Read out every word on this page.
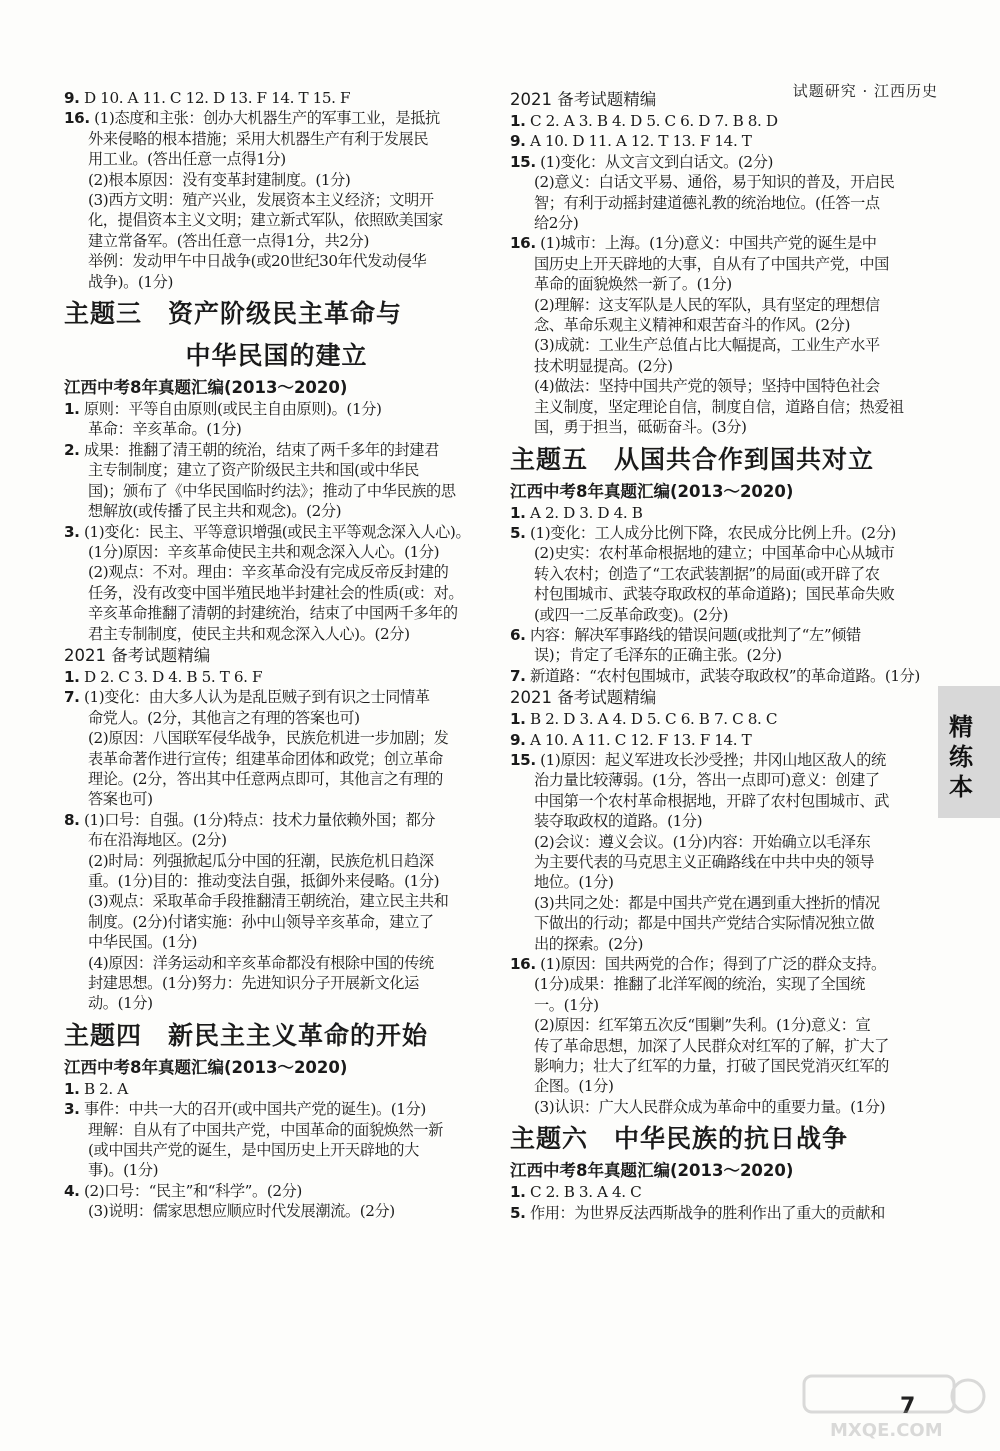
试题研究 · 江西历史
9. D 10. A 11. C 12. D 13. F 14. T 15. F
16. (1)态度和主张：创办大机器生产的军事工业，是抵抗
外来侵略的根本措施；采用大机器生产有利于发展民
用工业。(答出任意一点得1分)
(2)根本原因：没有变革封建制度。(1分)
(3)西方文明：殖产兴业，发展资本主义经济；文明开
化，提倡资本主义文明；建立新式军队，依照欧美国家
建立常备军。(答出任意一点得1分，共2分)
举例：发动甲午中日战争(或20世纪30年代发动侵华
战争)。(1分)
主题三　资产阶级民主革命与
中华民国的建立
江西中考8年真题汇编(2013～2020)
1. 原则：平等自由原则(或民主自由原则)。(1分)
革命：辛亥革命。(1分)
2. 成果：推翻了清王朝的统治，结束了两千多年的封建君
主专制制度；建立了资产阶级民主共和国(或中华民
国)；颁布了《中华民国临时约法》；推动了中华民族的思
想解放(或传播了民主共和观念)。(2分)
3. (1)变化：民主、平等意识增强(或民主平等观念深入人心)。
(1分)原因：辛亥革命使民主共和观念深入人心。(1分)
(2)观点：不对。理由：辛亥革命没有完成反帝反封建的
任务，没有改变中国半殖民地半封建社会的性质(或：对。
辛亥革命推翻了清朝的封建统治，结束了中国两千多年的
君主专制制度，使民主共和观念深入人心)。(2分)
2021 备考试题精编
1. D 2. C 3. D 4. B 5. T 6. F
7. (1)变化：由大多人认为是乱臣贼子到有识之士同情革
命党人。(2分，其他言之有理的答案也可)
(2)原因：八国联军侵华战争，民族危机进一步加剧；发
表革命著作进行宣传；组建革命团体和政党；创立革命
理论。(2分，答出其中任意两点即可，其他言之有理的
答案也可)
8. (1)口号：自强。(1分)特点：技术力量依赖外国；都分
布在沿海地区。(2分)
(2)时局：列强掀起瓜分中国的狂潮，民族危机日趋深
重。(1分)目的：推动变法自强，抵御外来侵略。(1分)
(3)观点：采取革命手段推翻清王朝统治，建立民主共和
制度。(2分)付诸实施：孙中山领导辛亥革命，建立了
中华民国。(1分)
(4)原因：洋务运动和辛亥革命都没有根除中国的传统
封建思想。(1分)努力：先进知识分子开展新文化运
动。(1分)
主题四　新民主主义革命的开始
江西中考8年真题汇编(2013～2020)
1. B 2. A
3. 事件：中共一大的召开(或中国共产党的诞生)。(1分)
理解：自从有了中国共产党，中国革命的面貌焕然一新
(或中国共产党的诞生，是中国历史上开天辟地的大
事)。(1分)
4. (2)口号：“民主”和“科学”。(2分)
(3)说明：儒家思想应顺应时代发展潮流。(2分)
2021 备考试题精编
1. C 2. A 3. B 4. D 5. C 6. D 7. B 8. D
9. A 10. D 11. A 12. T 13. F 14. T
15. (1)变化：从文言文到白话文。(2分)
(2)意义：白话文平易、通俗，易于知识的普及，开启民
智；有利于动摇封建道德礼教的统治地位。(任答一点
给2分)
16. (1)城市：上海。(1分)意义：中国共产党的诞生是中
国历史上开天辟地的大事，自从有了中国共产党，中国
革命的面貌焕然一新了。(1分)
(2)理解：这支军队是人民的军队，具有坚定的理想信
念、革命乐观主义精神和艰苦奋斗的作风。(2分)
(3)成就：工业生产总值占比大幅提高，工业生产水平
技术明显提高。(2分)
(4)做法：坚持中国共产党的领导；坚持中国特色社会
主义制度，坚定理论自信，制度自信，道路自信；热爱祖
国，勇于担当，砥砺奋斗。(3分)
主题五　从国共合作到国共对立
江西中考8年真题汇编(2013～2020)
1. A 2. D 3. D 4. B
5. (1)变化：工人成分比例下降，农民成分比例上升。(2分)
(2)史实：农村革命根据地的建立；中国革命中心从城市
转入农村；创造了“工农武装割据”的局面(或开辟了农
村包围城市、武装夺取政权的革命道路)；国民革命失败
(或四一二反革命政变)。(2分)
6. 内容：解决军事路线的错误问题(或批判了“左”倾错
误)；肯定了毛泽东的正确主张。(2分)
7. 新道路：“农村包围城市，武装夺取政权”的革命道路。(1分)
2021 备考试题精编
1. B 2. D 3. A 4. D 5. C 6. B 7. C 8. C
9. A 10. A 11. C 12. F 13. F 14. T
15. (1)原因：起义军进攻长沙受挫；井冈山地区敌人的统
治力量比较薄弱。(1分，答出一点即可)意义：创建了
中国第一个农村革命根据地，开辟了农村包围城市、武
装夺取政权的道路。(1分)
(2)会议：遵义会议。(1分)内容：开始确立以毛泽东
为主要代表的马克思主义正确路线在中共中央的领导
地位。(1分)
(3)共同之处：都是中国共产党在遇到重大挫折的情况
下做出的行动；都是中国共产党结合实际情况独立做
出的探索。(2分)
16. (1)原因：国共两党的合作；得到了广泛的群众支持。
(1分)成果：推翻了北洋军阀的统治，实现了全国统
一。(1分)
(2)原因：红军第五次反“围剿”失利。(1分)意义：宣
传了革命思想，加深了人民群众对红军的了解，扩大了
影响力；壮大了红军的力量，打破了国民党消灭红军的
企图。(1分)
(3)认识：广大人民群众成为革命中的重要力量。(1分)
主题六　中华民族的抗日战争
江西中考8年真题汇编(2013～2020)
1. C 2. B 3. A 4. C
5. 作用：为世界反法西斯战争的胜利作出了重大的贡献和
精练本
7
MXQE.COM
